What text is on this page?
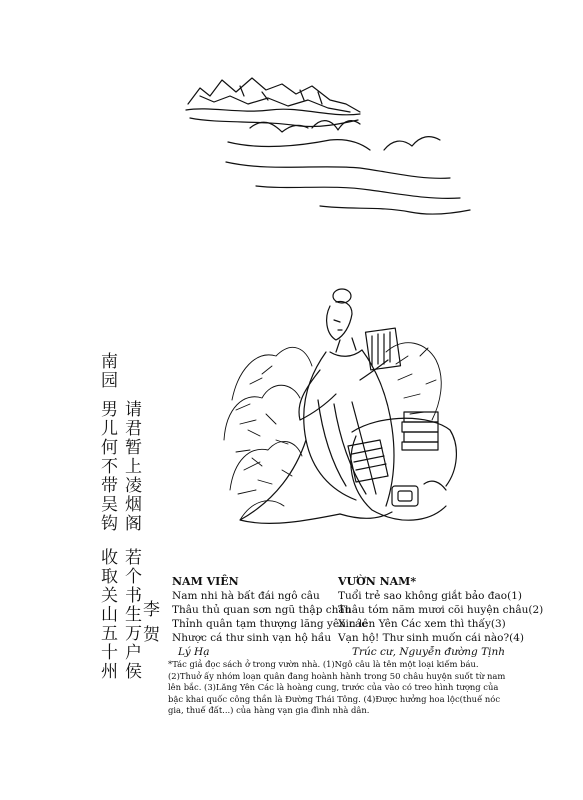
南园
男儿何不带吴钩
收取关山五十州
请君暂上凌烟阁
若个书生万户侯
李贺
NAM VIÊN
Nam nhi hà bất đái ngô câu
Thâu thủ quan sơn ngũ thập châu
Thỉnh quân tạm thượng lăng yên các
Nhược cá thư sinh vạn hộ hầu
Lý Hạ
VƯỜN NAM*
Tuổi trẻ sao không giắt bảo đao(1)
Thâu tóm năm mươi cõi huyện châu(2)
Xin lên Yên Các xem thì thấy(3)
Vạn hộ! Thư sinh muốn cái nào?(4)
Trúc cư, Nguyễn đường Tịnh
*Tác giả đọc sách ở trong vườn nhà. (1)Ngô câu là tên một loại kiếm báu. (2)Thuở ấy nhóm loạn quân đang hoành hành trong 50 châu huyện suốt từ nam lên bắc. (3)Lăng Yên Các là hoàng cung, trước của vào có treo hình tượng của bậc khai quốc công thần là Đường Thái Tông. (4)Được hưởng hoa lộc(thuế nóc gia, thuế đất...) của hàng vạn gia đình nhà dân.
